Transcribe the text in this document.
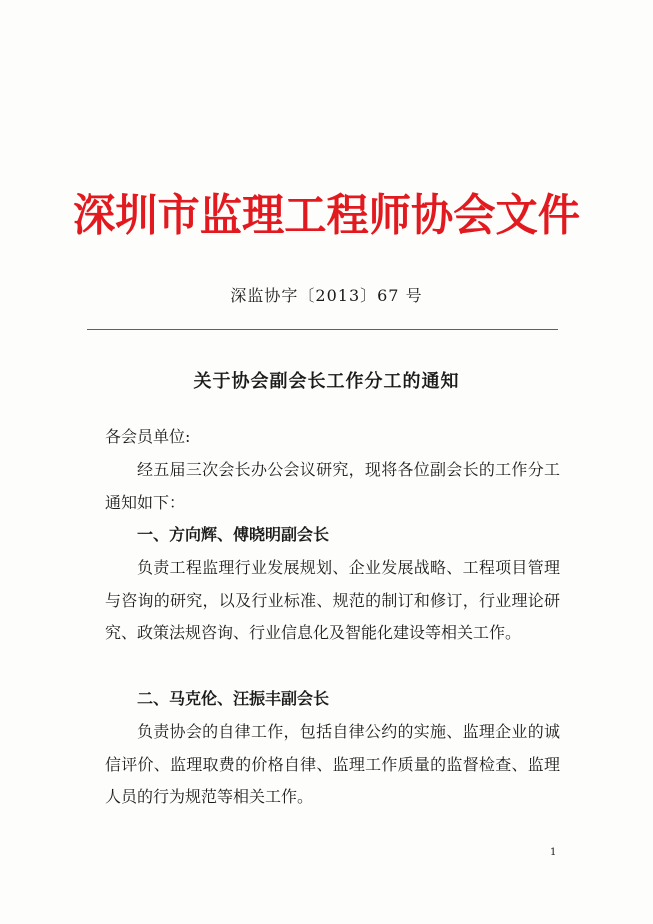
深圳市监理工程师协会文件
深监协字〔2013〕67 号
关于协会副会长工作分工的通知
各会员单位:
经五届三次会长办公会议研究，现将各位副会长的工作分工通知如下：
一、方向辉、傅晓明副会长
负责工程监理行业发展规划、企业发展战略、工程项目管理与咨询的研究，以及行业标准、规范的制订和修订，行业理论研究、政策法规咨询、行业信息化及智能化建设等相关工作。
二、马克伦、汪振丰副会长
负责协会的自律工作，包括自律公约的实施、监理企业的诚信评价、监理取费的价格自律、监理工作质量的监督检查、监理人员的行为规范等相关工作。
1
